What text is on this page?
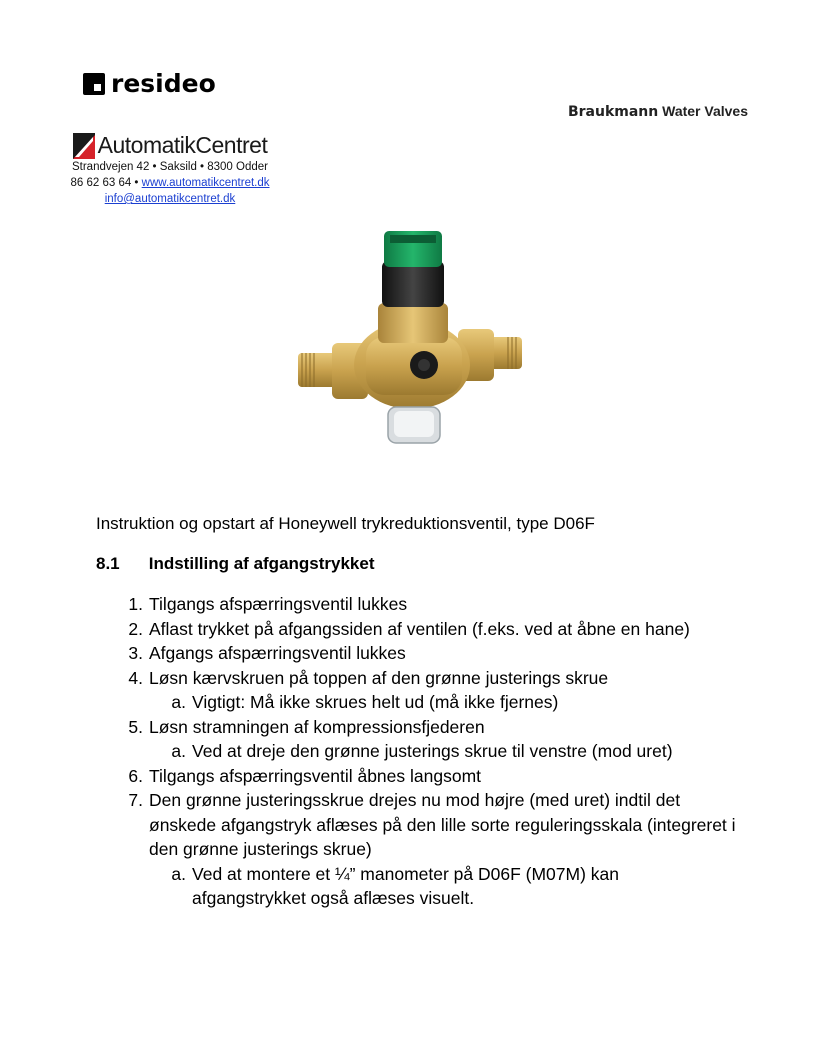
resideo
Braukmann Water Valves
AutomatikCentret
Strandvejen 42 • Saksild • 8300 Odder
86 62 63 64 • www.automatikcentret.dk
info@automatikcentret.dk
Instruktion og opstart af Honeywell trykreduktionsventil, type D06F
8.1 Indstilling af afgangstrykket
1. Tilgangs afspærringsventil lukkes
2. Aflast trykket på afgangssiden af ventilen (f.eks. ved at åbne en hane)
3. Afgangs afspærringsventil lukkes
4. Løsn kærvskruen på toppen af den grønne justerings skrue
a. Vigtigt: Må ikke skrues helt ud (må ikke fjernes)
5. Løsn stramningen af kompressionsfjederen
a. Ved at dreje den grønne justerings skrue til venstre (mod uret)
6. Tilgangs afspærringsventil åbnes langsomt
7. Den grønne justeringsskrue drejes nu mod højre (med uret) indtil det ønskede afgangstryk aflæses på den lille sorte reguleringsskala (integreret i den grønne justerings skrue)
a. Ved at montere et ¼” manometer på D06F (M07M) kan afgangstrykket også aflæses visuelt.
